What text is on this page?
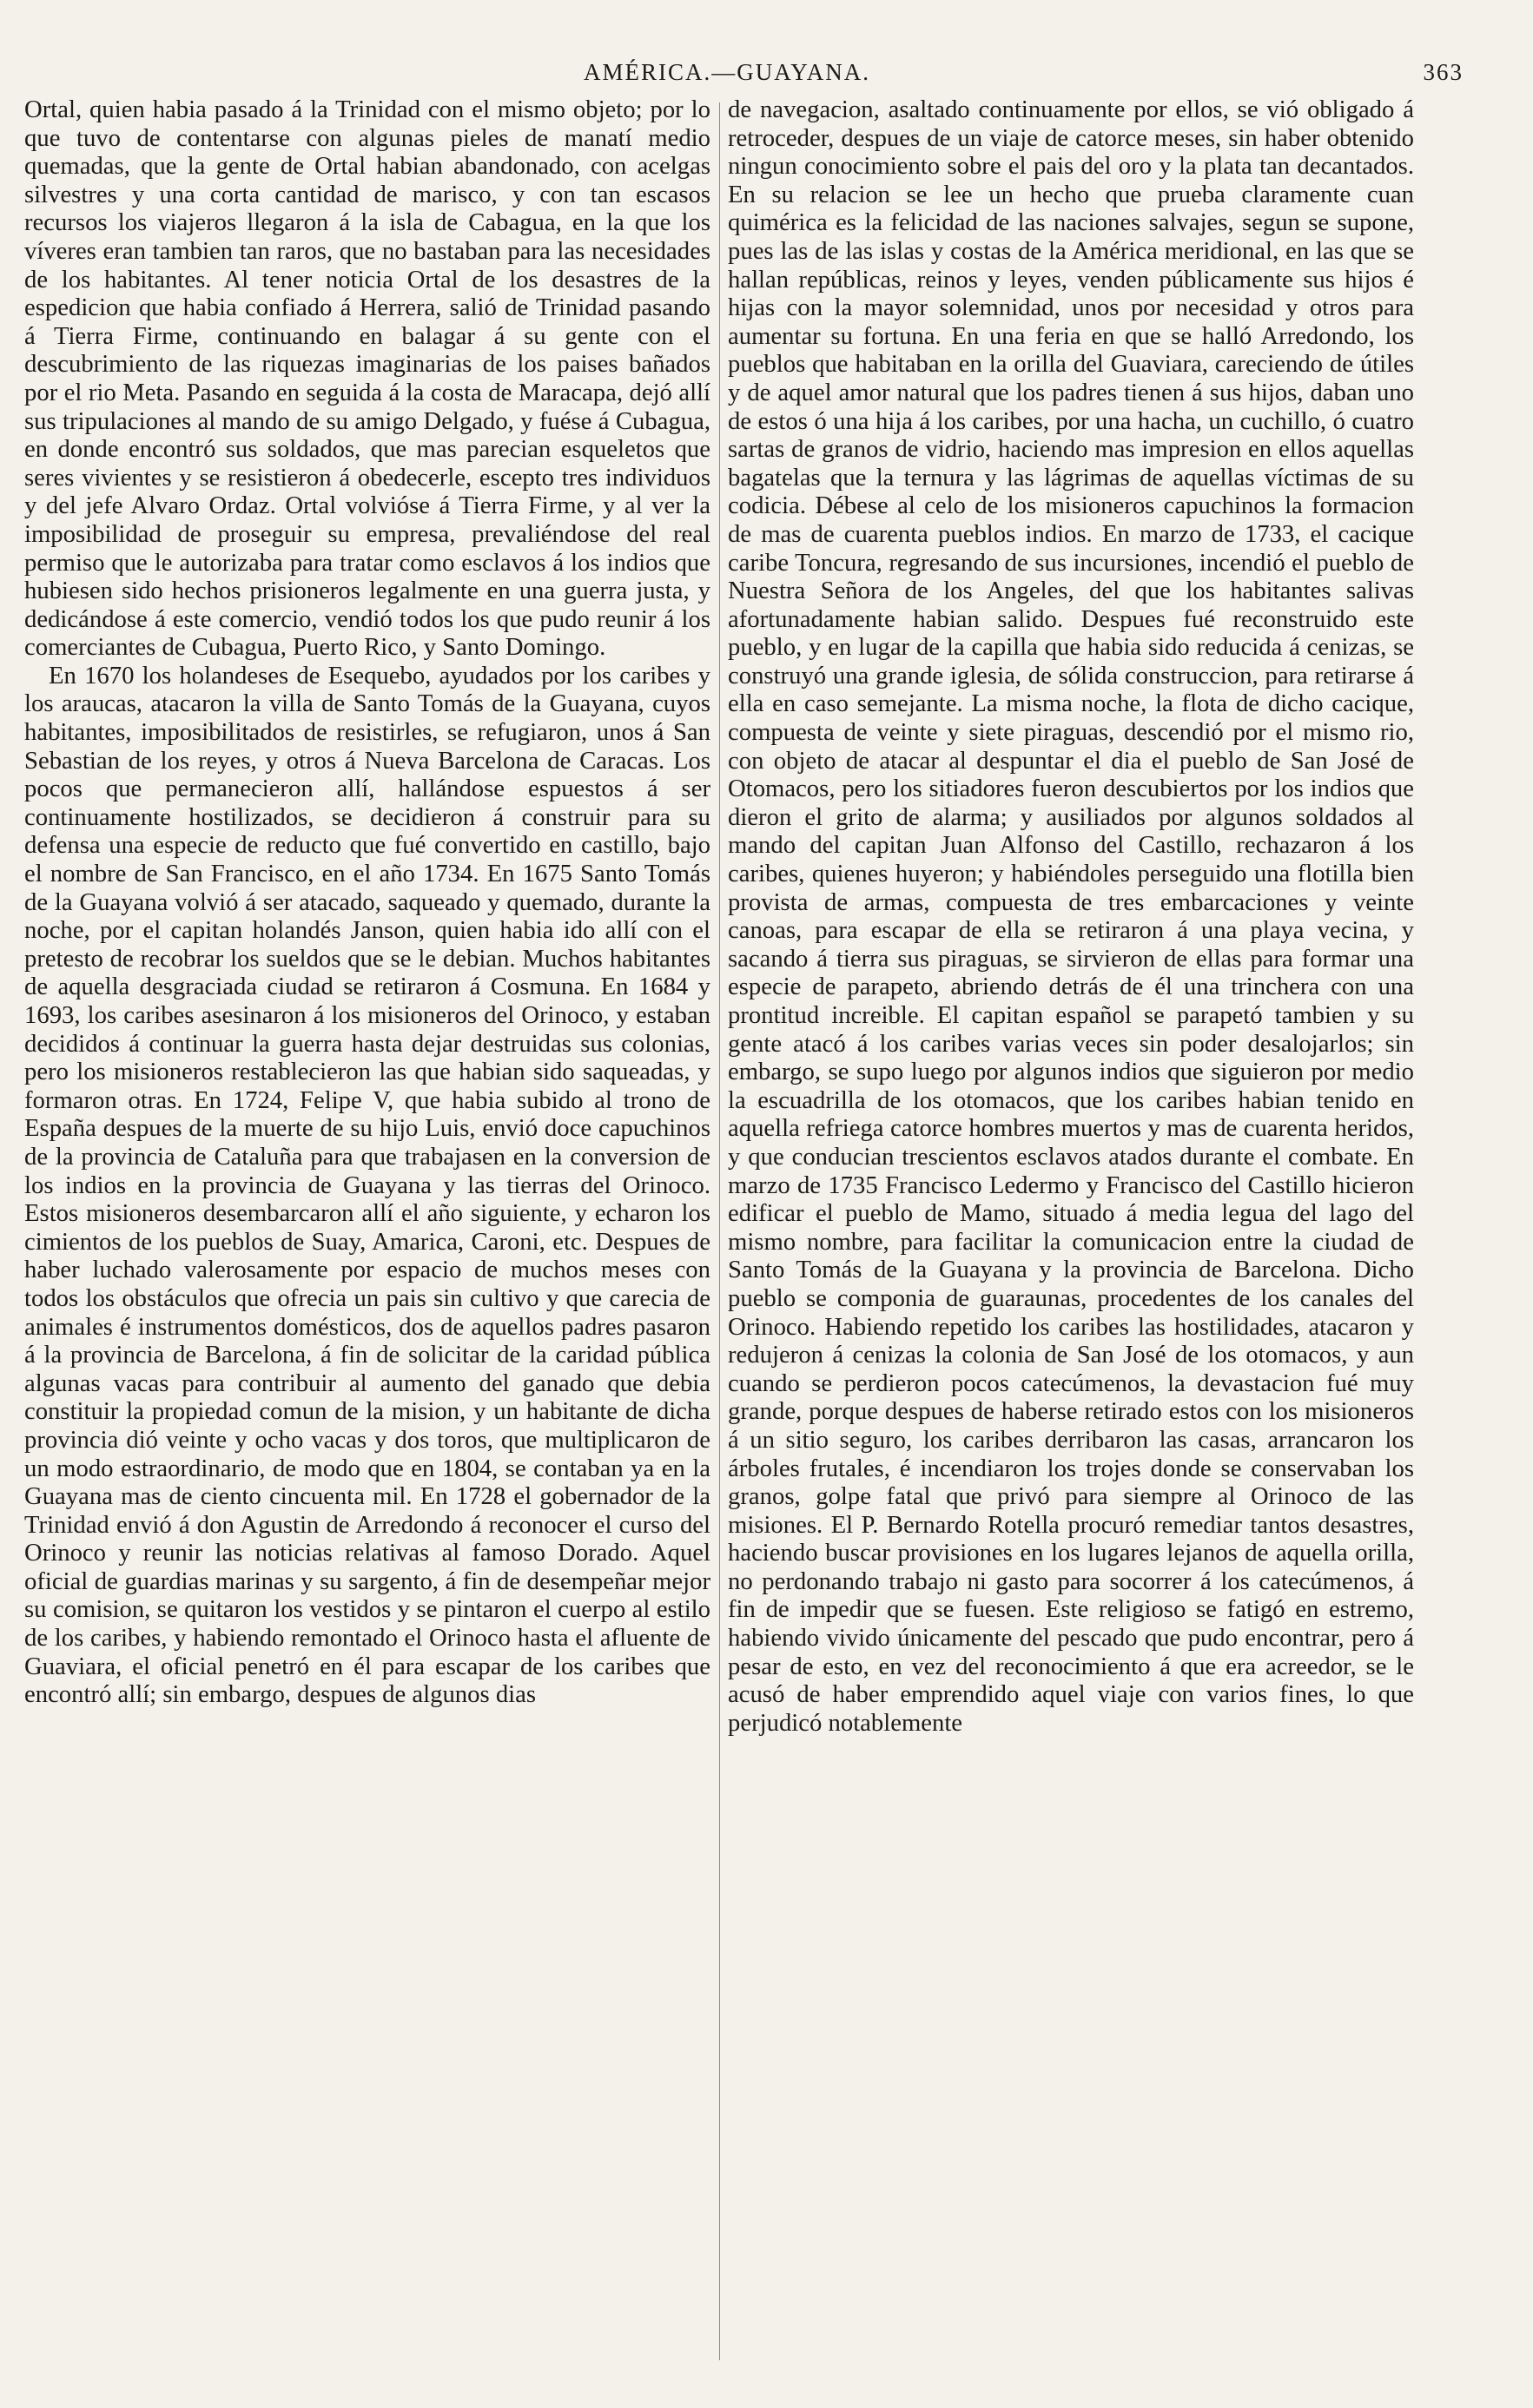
AMÉRICA.—GUAYANA.	363

Ortal, quien habia pasado á la Trinidad con el mismo objeto; por lo que tuvo de contentarse con algunas pieles de manatí medio quemadas, que la gente de Ortal habian abandonado, con acelgas silvestres y una corta cantidad de marisco, y con tan escasos recursos los viajeros llegaron á la isla de Cabagua, en la que los víveres eran tambien tan raros, que no bastaban para las necesidades de los habitantes. Al tener noticia Ortal de los desastres de la espedicion que habia confiado á Herrera, salió de Trinidad pasando á Tierra Firme, continuando en balagar á su gente con el descubrimiento de las riquezas imaginarias de los paises bañados por el rio Meta. Pasando en seguida á la costa de Maracapa, dejó allí sus tripulaciones al mando de su amigo Delgado, y fuése á Cubagua, en donde encontró sus soldados, que mas parecian esqueletos que seres vivientes y se resistieron á obedecerle, escepto tres individuos y del jefe Alvaro Ordaz. Ortal volvióse á Tierra Firme, y al ver la imposibilidad de proseguir su empresa, prevaliéndose del real permiso que le autorizaba para tratar como esclavos á los indios que hubiesen sido hechos prisioneros legalmente en una guerra justa, y dedicándose á este comercio, vendió todos los que pudo reunir á los comerciantes de Cubagua, Puerto Rico, y Santo Domingo.

En 1670 los holandeses de Esequebo, ayudados por los caribes y los araucas, atacaron la villa de Santo Tomás de la Guayana, cuyos habitantes, imposibilitados de resistirles, se refugiaron, unos á San Sebastian de los reyes, y otros á Nueva Barcelona de Caracas. Los pocos que permanecieron allí, hallándose espuestos á ser continuamente hostilizados, se decidieron á construir para su defensa una especie de reducto que fué convertido en castillo, bajo el nombre de San Francisco, en el año 1734. En 1675 Santo Tomás de la Guayana volvió á ser atacado, saqueado y quemado, durante la noche, por el capitan holandés Janson, quien habia ido allí con el pretesto de recobrar los sueldos que se le debian. Muchos habitantes de aquella desgraciada ciudad se retiraron á Cosmuna. En 1684 y 1693, los caribes asesinaron á los misioneros del Orinoco, y estaban decididos á continuar la guerra hasta dejar destruidas sus colonias, pero los misioneros restablecieron las que habian sido saqueadas, y formaron otras. En 1724, Felipe V, que habia subido al trono de España despues de la muerte de su hijo Luis, envió doce capuchinos de la provincia de Cataluña para que trabajasen en la conversion de los indios en la provincia de Guayana y las tierras del Orinoco. Estos misioneros desembarcaron allí el año siguiente, y echaron los cimientos de los pueblos de Suay, Amarica, Caroni, etc. Despues de haber luchado valerosamente por espacio de muchos meses con todos los obstáculos que ofrecia un pais sin cultivo y que carecia de animales é instrumentos domésticos, dos de aquellos padres pasaron á la provincia de Barcelona, á fin de solicitar de la caridad pública algunas vacas para contribuir al aumento del ganado que debia constituir la propiedad comun de la mision, y un habitante de dicha provincia dió veinte y ocho vacas y dos toros, que multiplicaron de un modo estraordinario, de modo que en 1804, se contaban ya en la Guayana mas de ciento cincuenta mil. En 1728 el gobernador de la Trinidad envió á don Agustin de Arredondo á reconocer el curso del Orinoco y reunir las noticias relativas al famoso Dorado. Aquel oficial de guardias marinas y su sargento, á fin de desempeñar mejor su comision, se quitaron los vestidos y se pintaron el cuerpo al estilo de los caribes, y habiendo remontado el Orinoco hasta el afluente de Guaviara, el oficial penetró en él para escapar de los caribes que encontró allí; sin embargo, despues de algunos dias

de navegacion, asaltado continuamente por ellos, se vió obligado á retroceder, despues de un viaje de catorce meses, sin haber obtenido ningun conocimiento sobre el pais del oro y la plata tan decantados. En su relacion se lee un hecho que prueba claramente cuan quimérica es la felicidad de las naciones salvajes, segun se supone, pues las de las islas y costas de la América meridional, en las que se hallan repúblicas, reinos y leyes, venden públicamente sus hijos é hijas con la mayor solemnidad, unos por necesidad y otros para aumentar su fortuna. En una feria en que se halló Arredondo, los pueblos que habitaban en la orilla del Guaviara, careciendo de útiles y de aquel amor natural que los padres tienen á sus hijos, daban uno de estos ó una hija á los caribes, por una hacha, un cuchillo, ó cuatro sartas de granos de vidrio, haciendo mas impresion en ellos aquellas bagatelas que la ternura y las lágrimas de aquellas víctimas de su codicia. Débese al celo de los misioneros capuchinos la formacion de mas de cuarenta pueblos indios. En marzo de 1733, el cacique caribe Toncura, regresando de sus incursiones, incendió el pueblo de Nuestra Señora de los Angeles, del que los habitantes salivas afortunadamente habian salido. Despues fué reconstruido este pueblo, y en lugar de la capilla que habia sido reducida á cenizas, se construyó una grande iglesia, de sólida construccion, para retirarse á ella en caso semejante. La misma noche, la flota de dicho cacique, compuesta de veinte y siete piraguas, descendió por el mismo rio, con objeto de atacar al despuntar el dia el pueblo de San José de Otomacos, pero los sitiadores fueron descubiertos por los indios que dieron el grito de alarma; y ausiliados por algunos soldados al mando del capitan Juan Alfonso del Castillo, rechazaron á los caribes, quienes huyeron; y habiéndoles perseguido una flotilla bien provista de armas, compuesta de tres embarcaciones y veinte canoas, para escapar de ella se retiraron á una playa vecina, y sacando á tierra sus piraguas, se sirvieron de ellas para formar una especie de parapeto, abriendo detrás de él una trinchera con una prontitud increible. El capitan español se parapetó tambien y su gente atacó á los caribes varias veces sin poder desalojarlos; sin embargo, se supo luego por algunos indios que siguieron por medio la escuadrilla de los otomacos, que los caribes habian tenido en aquella refriega catorce hombres muertos y mas de cuarenta heridos, y que conducian trescientos esclavos atados durante el combate. En marzo de 1735 Francisco Ledermo y Francisco del Castillo hicieron edificar el pueblo de Mamo, situado á media legua del lago del mismo nombre, para facilitar la comunicacion entre la ciudad de Santo Tomás de la Guayana y la provincia de Barcelona. Dicho pueblo se componia de guaraunas, procedentes de los canales del Orinoco. Habiendo repetido los caribes las hostilidades, atacaron y redujeron á cenizas la colonia de San José de los otomacos, y aun cuando se perdieron pocos catecúmenos, la devastacion fué muy grande, porque despues de haberse retirado estos con los misioneros á un sitio seguro, los caribes derribaron las casas, arrancaron los árboles frutales, é incendiaron los trojes donde se conservaban los granos, golpe fatal que privó para siempre al Orinoco de las misiones. El P. Bernardo Rotella procuró remediar tantos desastres, haciendo buscar provisiones en los lugares lejanos de aquella orilla, no perdonando trabajo ni gasto para socorrer á los catecúmenos, á fin de impedir que se fuesen. Este religioso se fatigó en estremo, habiendo vivido únicamente del pescado que pudo encontrar, pero á pesar de esto, en vez del reconocimiento á que era acreedor, se le acusó de haber emprendido aquel viaje con varios fines, lo que perjudicó notablemente
